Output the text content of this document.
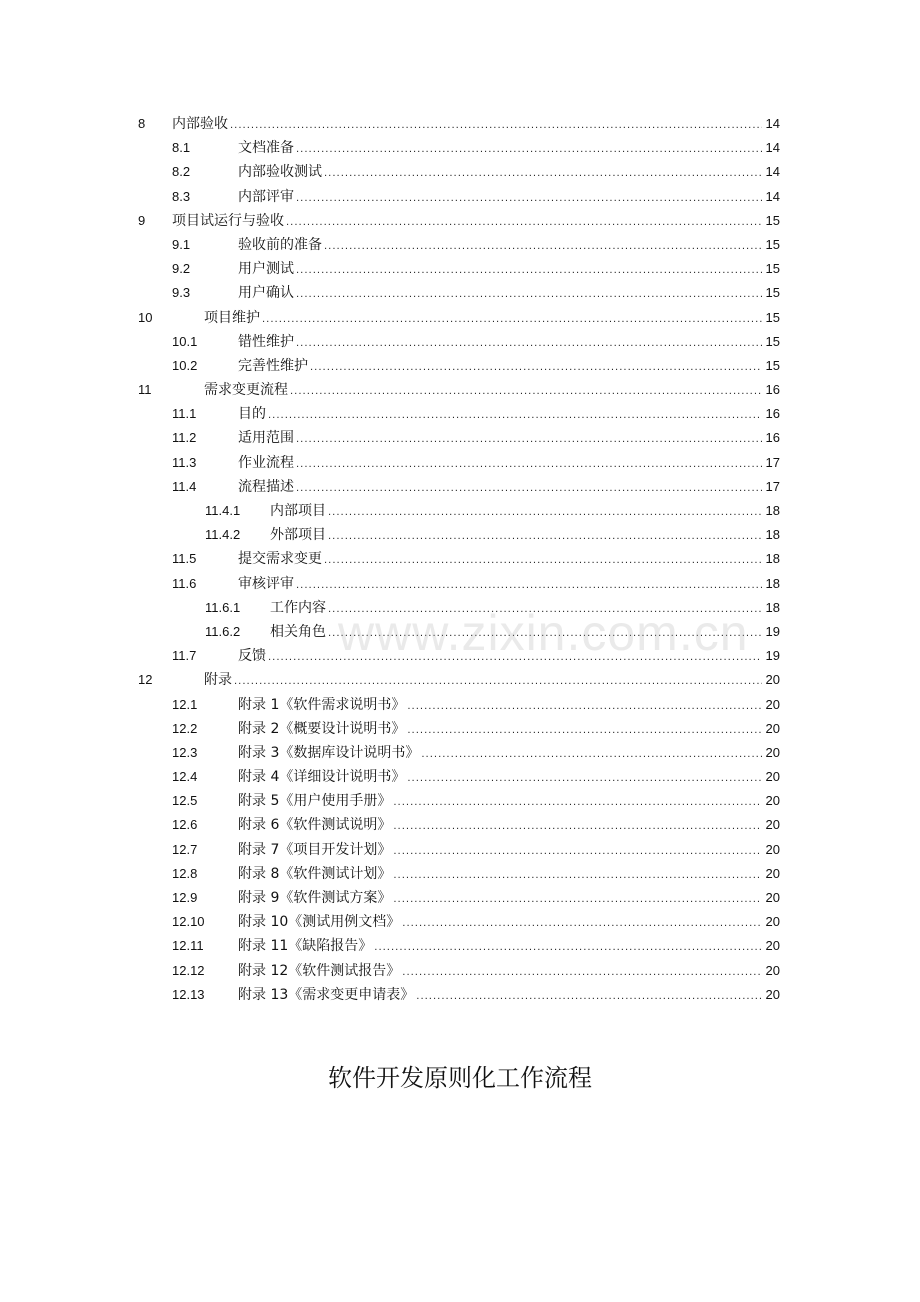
8 内部验收 .....	14
8.1	文档准备 .....	14
8.2	内部验收测试 .....	14
8.3	内部评审 .....	14
9 项目试运行与验收 .....	15
9.1	验收前的准备 .....	15
9.2	用户测试 .....	15
9.3	用户确认 .....	15
10	项目维护 .....	15
10.1	错性维护 .....	15
10.2	完善性维护 .....	15
11	需求变更流程 .....	16
11.1	目的 .....	16
11.2	适用范围 .....	16
11.3	作业流程 .....	17
11.4	流程描述 .....	17
11.4.1 内部项目 .....	18
11.4.2 外部项目 .....	18
11.5	提交需求变更 .....	18
11.6	审核评审 .....	18
11.6.1 工作内容 .....	18
11.6.2 相关角色 .....	19
11.7	反馈 .....	19
12	附录 .....	20
12.1	附录 1《软件需求说明书》 .....	20
12.2	附录 2《概要设计说明书》 .....	20
12.3	附录 3《数据库设计说明书》 .....	20
12.4	附录 4《详细设计说明书》 .....	20
12.5	附录 5《用户使用手册》 .....	20
12.6	附录 6《软件测试说明》 .....	20
12.7	附录 7《项目开发计划》 .....	20
12.8	附录 8《软件测试计划》 .....	20
12.9	附录 9《软件测试方案》 .....	20
12.10 附录 10《测试用例文档》 .....	20
12.11 附录 11《缺陷报告》 .....	20
12.12 附录 12《软件测试报告》 .....	20
12.13 附录 13《需求变更申请表》 .....	20
www.zixin.com.cn
软件开发原则化工作流程
